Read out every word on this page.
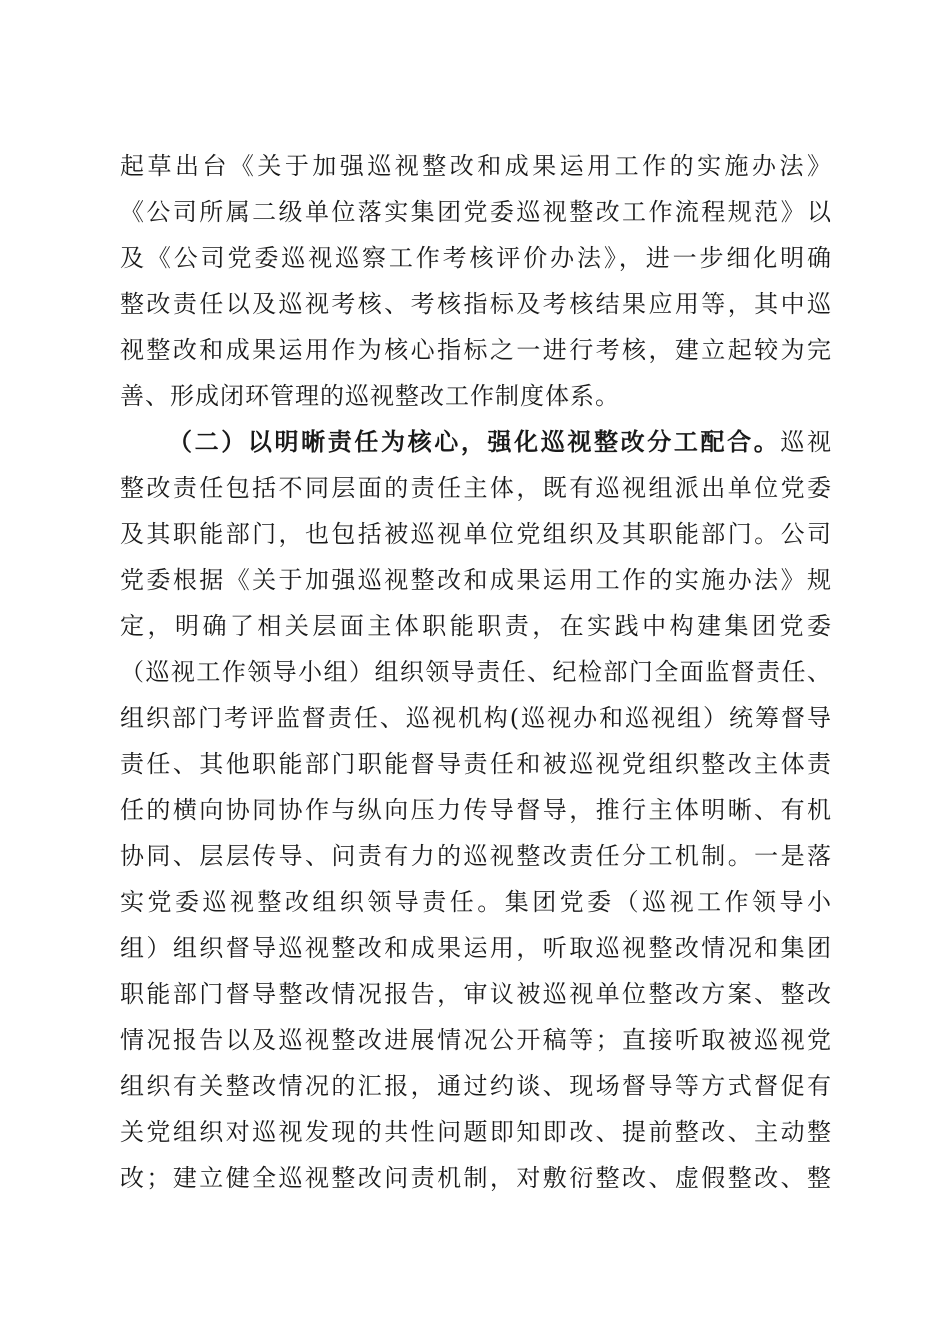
起草出台《关于加强巡视整改和成果运用工作的实施办法》
《公司所属二级单位落实集团党委巡视整改工作流程规范》以
及《公司党委巡视巡察工作考核评价办法》，进一步细化明确
整改责任以及巡视考核、考核指标及考核结果应用等，其中巡
视整改和成果运用作为核心指标之一进行考核，建立起较为完
善、形成闭环管理的巡视整改工作制度体系。
（二）以明晰责任为核心，强化巡视整改分工配合。巡视
整改责任包括不同层面的责任主体，既有巡视组派出单位党委
及其职能部门，也包括被巡视单位党组织及其职能部门。公司
党委根据《关于加强巡视整改和成果运用工作的实施办法》规
定，明确了相关层面主体职能职责，在实践中构建集团党委
（巡视工作领导小组）组织领导责任、纪检部门全面监督责任、
组织部门考评监督责任、巡视机构(巡视办和巡视组）统筹督导
责任、其他职能部门职能督导责任和被巡视党组织整改主体责
任的横向协同协作与纵向压力传导督导，推行主体明晰、有机
协同、层层传导、问责有力的巡视整改责任分工机制。一是落
实党委巡视整改组织领导责任。集团党委（巡视工作领导小
组）组织督导巡视整改和成果运用，听取巡视整改情况和集团
职能部门督导整改情况报告，审议被巡视单位整改方案、整改
情况报告以及巡视整改进展情况公开稿等；直接听取被巡视党
组织有关整改情况的汇报，通过约谈、现场督导等方式督促有
关党组织对巡视发现的共性问题即知即改、提前整改、主动整
改；建立健全巡视整改问责机制，对敷衍整改、虚假整改、整
